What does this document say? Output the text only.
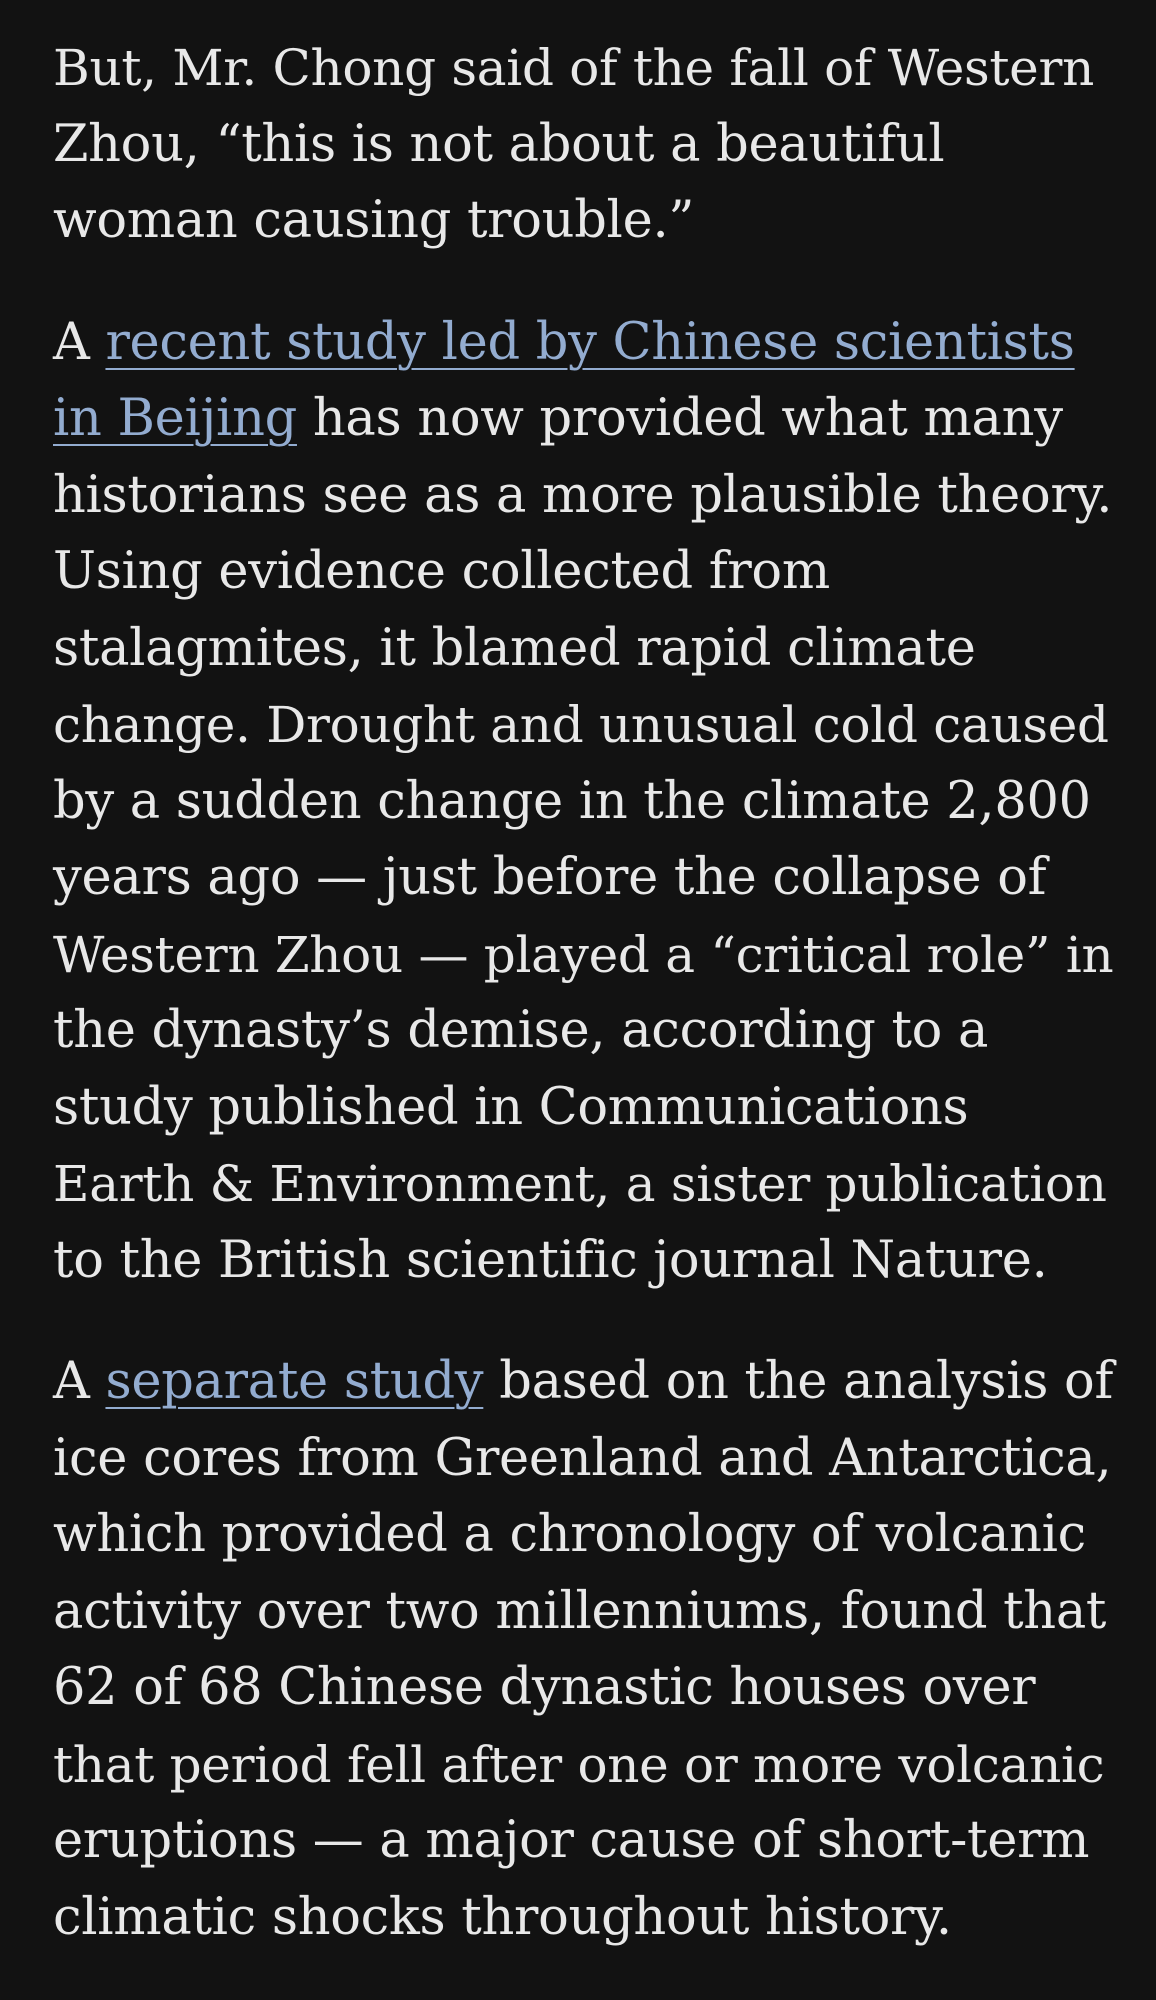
But, Mr. Chong said of the fall of Western
Zhou, “this is not about a beautiful
woman causing trouble.”

A recent study led by Chinese scientists
in Beijing has now provided what many
historians see as a more plausible theory.
Using evidence collected from
stalagmites, it blamed rapid climate
change. Drought and unusual cold caused
by a sudden change in the climate 2,800
years ago — just before the collapse of
Western Zhou — played a “critical role” in
the dynasty’s demise, according to a
study published in Communications
Earth & Environment, a sister publication
to the British scientific journal Nature.

A separate study based on the analysis of
ice cores from Greenland and Antarctica,
which provided a chronology of volcanic
activity over two millenniums, found that
62 of 68 Chinese dynastic houses over
that period fell after one or more volcanic
eruptions — a major cause of short-term
climatic shocks throughout history.
